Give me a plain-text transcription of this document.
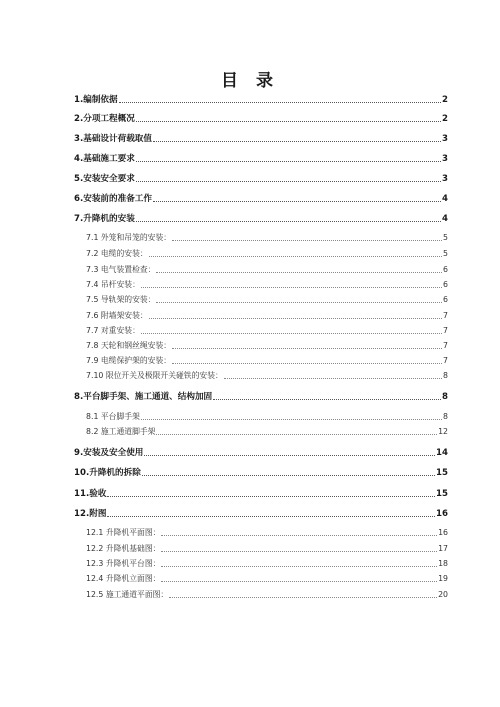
目 录
1.编制依据	2
2.分项工程概况	2
3.基础设计荷载取值	3
4.基础施工要求	3
5.安装安全要求	3
6.安装前的准备工作	4
7.升降机的安装	4
7.1 外笼和吊笼的安装：	5
7.2 电缆的安装：	5
7.3 电气装置检查：	6
7.4 吊杆安装：	6
7.5 导轨架的安装：	6
7.6 附墙架安装：	7
7.7 对重安装：	7
7.8 天轮和钢丝绳安装：	7
7.9 电缆保护架的安装：	7
7.10 限位开关及极限开关碰铁的安装：	8
8.平台脚手架、施工通道、结构加固	8
8.1 平台脚手架	8
8.2 施工通道脚手架	12
9.安装及安全使用	14
10.升降机的拆除	15
11.验收	15
12.附图	16
12.1 升降机平面图：	16
12.2 升降机基础图：	17
12.3 升降机平台图：	18
12.4 升降机立面图：	19
12.5 施工通道平面图：	20
